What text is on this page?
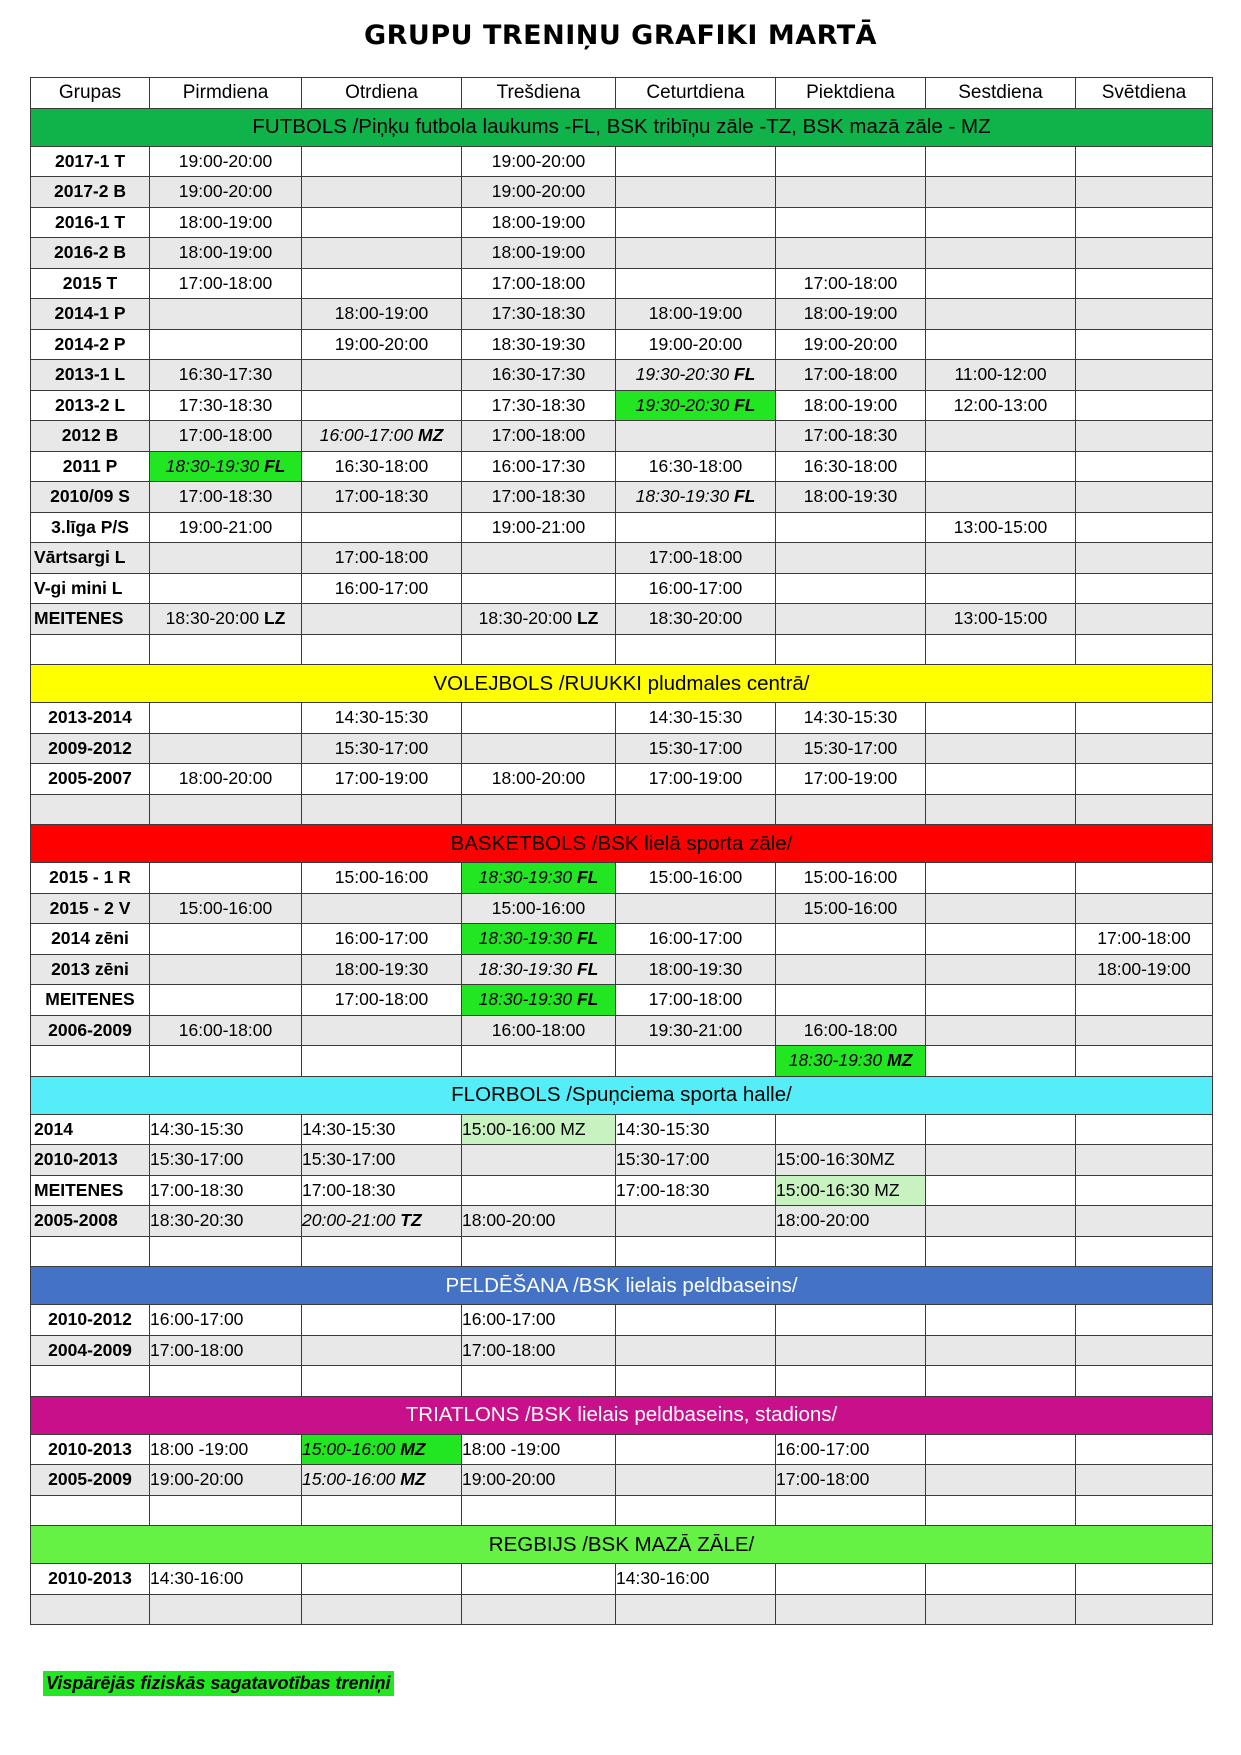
GRUPU TRENIŅU GRAFIKI MARTĀ
Grupas	Pirmdiena	Otrdiena	Trešdiena	Ceturtdiena	Piektdiena	Sestdiena	Svētdiena
FUTBOLS /Piņķu futbola laukums -FL, BSK tribīņu zāle -TZ, BSK mazā zāle - MZ							
2017-1 T	19:00-20:00		19:00-20:00				
2017-2 B	19:00-20:00		19:00-20:00				
2016-1 T	18:00-19:00		18:00-19:00				
2016-2 B	18:00-19:00		18:00-19:00				
2015 T	17:00-18:00		17:00-18:00		17:00-18:00		
2014-1 P		18:00-19:00	17:30-18:30	18:00-19:00	18:00-19:00		
2014-2 P		19:00-20:00	18:30-19:30	19:00-20:00	19:00-20:00		
2013-1 L	16:30-17:30		16:30-17:30	19:30-20:30 FL	17:00-18:00	11:00-12:00	
2013-2 L	17:30-18:30		17:30-18:30	19:30-20:30 FL	18:00-19:00	12:00-13:00	
2012 B	17:00-18:00	16:00-17:00 MZ	17:00-18:00		17:00-18:30		
2011 P	18:30-19:30 FL	16:30-18:00	16:00-17:30	16:30-18:00	16:30-18:00		
2010/09 S	17:00-18:30	17:00-18:30	17:00-18:30	18:30-19:30 FL	18:00-19:30		
3.līga P/S	19:00-21:00		19:00-21:00			13:00-15:00	
Vārtsargi L		17:00-18:00		17:00-18:00			
V-gi mini L		16:00-17:00		16:00-17:00			
MEITENES	18:30-20:00 LZ		18:30-20:00 LZ	18:30-20:00		13:00-15:00	

VOLEJBOLS /RUUKKI pludmales centrā/							
2013-2014		14:30-15:30		14:30-15:30	14:30-15:30		
2009-2012		15:30-17:00		15:30-17:00	15:30-17:00		
2005-2007	18:00-20:00	17:00-19:00	18:00-20:00	17:00-19:00	17:00-19:00		

BASKETBOLS /BSK lielā sporta zāle/							
2015 - 1 R		15:00-16:00	18:30-19:30 FL	15:00-16:00	15:00-16:00		
2015 - 2 V	15:00-16:00		15:00-16:00		15:00-16:00		
2014 zēni		16:00-17:00	18:30-19:30 FL	16:00-17:00			17:00-18:00
2013 zēni		18:00-19:30	18:30-19:30 FL	18:00-19:30			18:00-19:00
MEITENES		17:00-18:00	18:30-19:30 FL	17:00-18:00			
2006-2009	16:00-18:00		16:00-18:00	19:30-21:00	16:00-18:00		
					18:30-19:30 MZ		
FLORBOLS /Spuņciema sporta halle/							
2014	14:30-15:30	14:30-15:30	15:00-16:00 MZ	14:30-15:30			
2010-2013	15:30-17:00	15:30-17:00		15:30-17:00	15:00-16:30MZ		
MEITENES	17:00-18:30	17:00-18:30		17:00-18:30	15:00-16:30 MZ		
2005-2008	18:30-20:30	20:00-21:00 TZ	18:00-20:00		18:00-20:00		

PELDĒŠANA /BSK lielais peldbaseins/							
2010-2012	16:00-17:00		16:00-17:00				
2004-2009	17:00-18:00		17:00-18:00				

TRIATLONS /BSK lielais peldbaseins, stadions/							
2010-2013	18:00 -19:00	15:00-16:00 MZ	18:00 -19:00		16:00-17:00		
2005-2009	19:00-20:00	15:00-16:00 MZ	19:00-20:00		17:00-18:00		

REGBIJS /BSK MAZĀ ZĀLE/							
2010-2013	14:30-16:00			14:30-16:00			

Vispārējās fiziskās sagatavotības treniņi
